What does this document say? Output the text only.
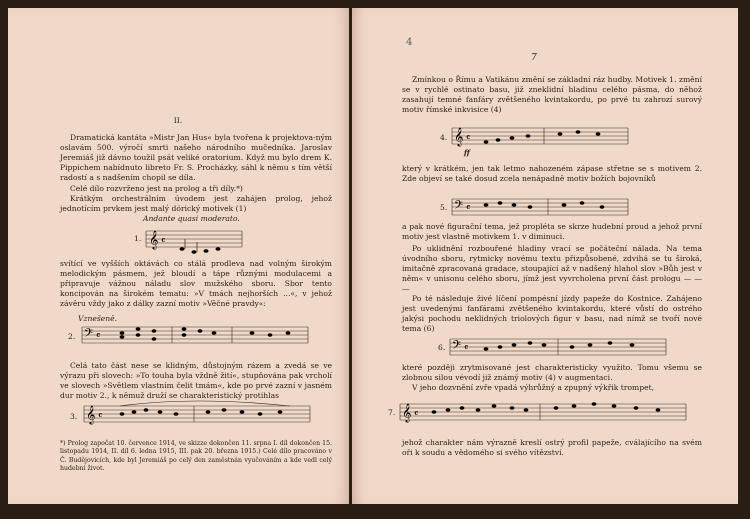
II.

Dramatická kantáta »Mistr Jan Hus« byla tvořena k projektova-ným oslavám 500. výročí smrti našeho národního mučedníka. Jaroslav Jeremiáš již dávno toužil psát veliké oratorium. Když mu bylo drem K. Pippichem nabídnuto libreto Fr. S. Procházky, sáhl k němu s tím větší radostí a s nadšením chopil se díla.

Celé dílo rozvrženo jest na prolog a tři díly.*)

Krátkým orchestrálním úvodem jest zahájen prolog, jehož jednotícím prvkem jest malý dórický motivek (1)

Andante quasi moderato.

1. 𝄞 𝄴

svítící ve vyšších oktávách co stálá prodleva nad volným širokým melodickým pásmem, jež bloudí a tápe různými modulacemi a připravuje vážnou náladu slov mužského sboru. Sbor tento koncipován na širokém tematu: »V tmách nejhorších ...«, v jehož závěru vždy jako z dálky zazní motiv »Věčné pravdy«:

Vznešeně.

2. 𝄢 𝄴

Celá tato část nese se klidným, důstojným rázem a zvedá se ve výrazu při slovech: »To touha byla vždně žití«, stupňována pak vrcholí ve slovech »Světlem vlastním čelit tmám«, kde po prvé zazní v jasném dur motiv 2., k němuž druží se charakteristický protihlas

3. 𝄞 𝄴

*) Prolog započat 10. července 1914, ve skizze dokončen 11. srpna I. díl dokončen 15. listopadu 1914, II. díl 6. ledna 1915, III. pak 20. března 1915.) Celé dílo pracováno v Č. Budějovicích, kde byl Jeremiáš po celý den zaměstnán vyučováním a kde vedl celý hudební život.

4
7

Zmínkou o Římu a Vatikánu změní se základní ráz hudby. Motivek 1. změní se v rychlé ostinato basu, již zneklidní hladinu celého pásma, do něhož zasahují temné fanfáry zvětšeného kvintakordu, po prvé tu zahrozí surový motiv římské inkvisice (4)

4. 𝄞 𝄴
ff

který v krátkém, jen tak letmo nahozeném zápase střetne se s motivem 2. Zde objeví se také dosud zcela nenápadně motiv božích bojovníků

5. 𝄢 𝄴

a pak nové figurační tema, jež propléta se skrze hudební proud a jehož první motiv jest vlastně motivkem 1. v diminuci.

Po uklidnění rozbouřené hladiny vrací se počáteční nálada. Na tema úvodního sboru, rytmicky novému textu přizpůsobené, zdvihá se tu široká, imitačně zpracovaná gradace, stoupající až v nadšený hlahol slov »Bůh jest v něm« v unisonu celého sboru, jímž jest vyvrcholena první část prologu — — —

Po té následuje živé líčení pompésní jízdy papeže do Kostnice. Zahájeno jest uvedenými fanfárami zvětšeného kvintakordu, které vůstí do ostrého jakýsi pochodu neklidných triolových figur v basu, nad nímž se tvoří nové tema (6)

6. 𝄢 𝄴

které později zrytmisované jest charakteristicky využito. Tomu všemu se zlobnou silou vévodí již známý motiv (4) v augmentaci.

V jeho dozvnění zvře vpadá výhrůžný a zpupný výkřik trompet,

7. 𝄞 𝄴

jehož charakter nám výrazně kreslí ostrý profil papeže, cválajícího na svém oři k soudu a vědomého si svého vítězství.
